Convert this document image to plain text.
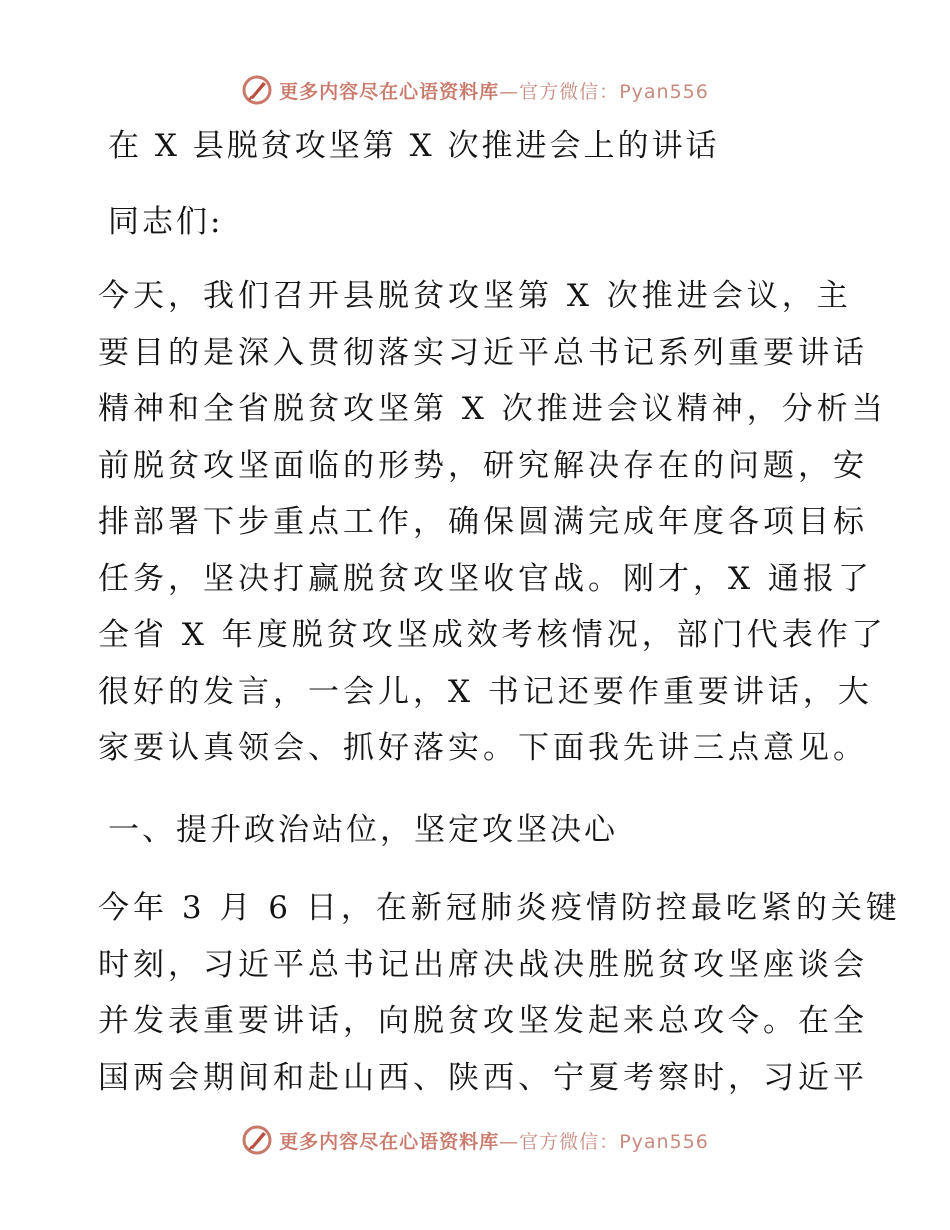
更多内容尽在心语资料库—官方微信：Pyan556
在 X 县脱贫攻坚第 X 次推进会上的讲话
同志们:
今天，我们召开县脱贫攻坚第 X 次推进会议，主
要目的是深入贯彻落实习近平总书记系列重要讲话
精神和全省脱贫攻坚第 X 次推进会议精神，分析当
前脱贫攻坚面临的形势，研究解决存在的问题，安
排部署下步重点工作，确保圆满完成年度各项目标
任务，坚决打赢脱贫攻坚收官战。刚才，X 通报了
全省 X 年度脱贫攻坚成效考核情况，部门代表作了
很好的发言，一会儿，X 书记还要作重要讲话，大
家要认真领会、抓好落实。下面我先讲三点意见。
一、提升政治站位，坚定攻坚决心
今年 3 月 6 日，在新冠肺炎疫情防控最吃紧的关键
时刻，习近平总书记出席决战决胜脱贫攻坚座谈会
并发表重要讲话，向脱贫攻坚发起来总攻令。在全
国两会期间和赴山西、陕西、宁夏考察时，习近平
更多内容尽在心语资料库—官方微信：Pyan556
